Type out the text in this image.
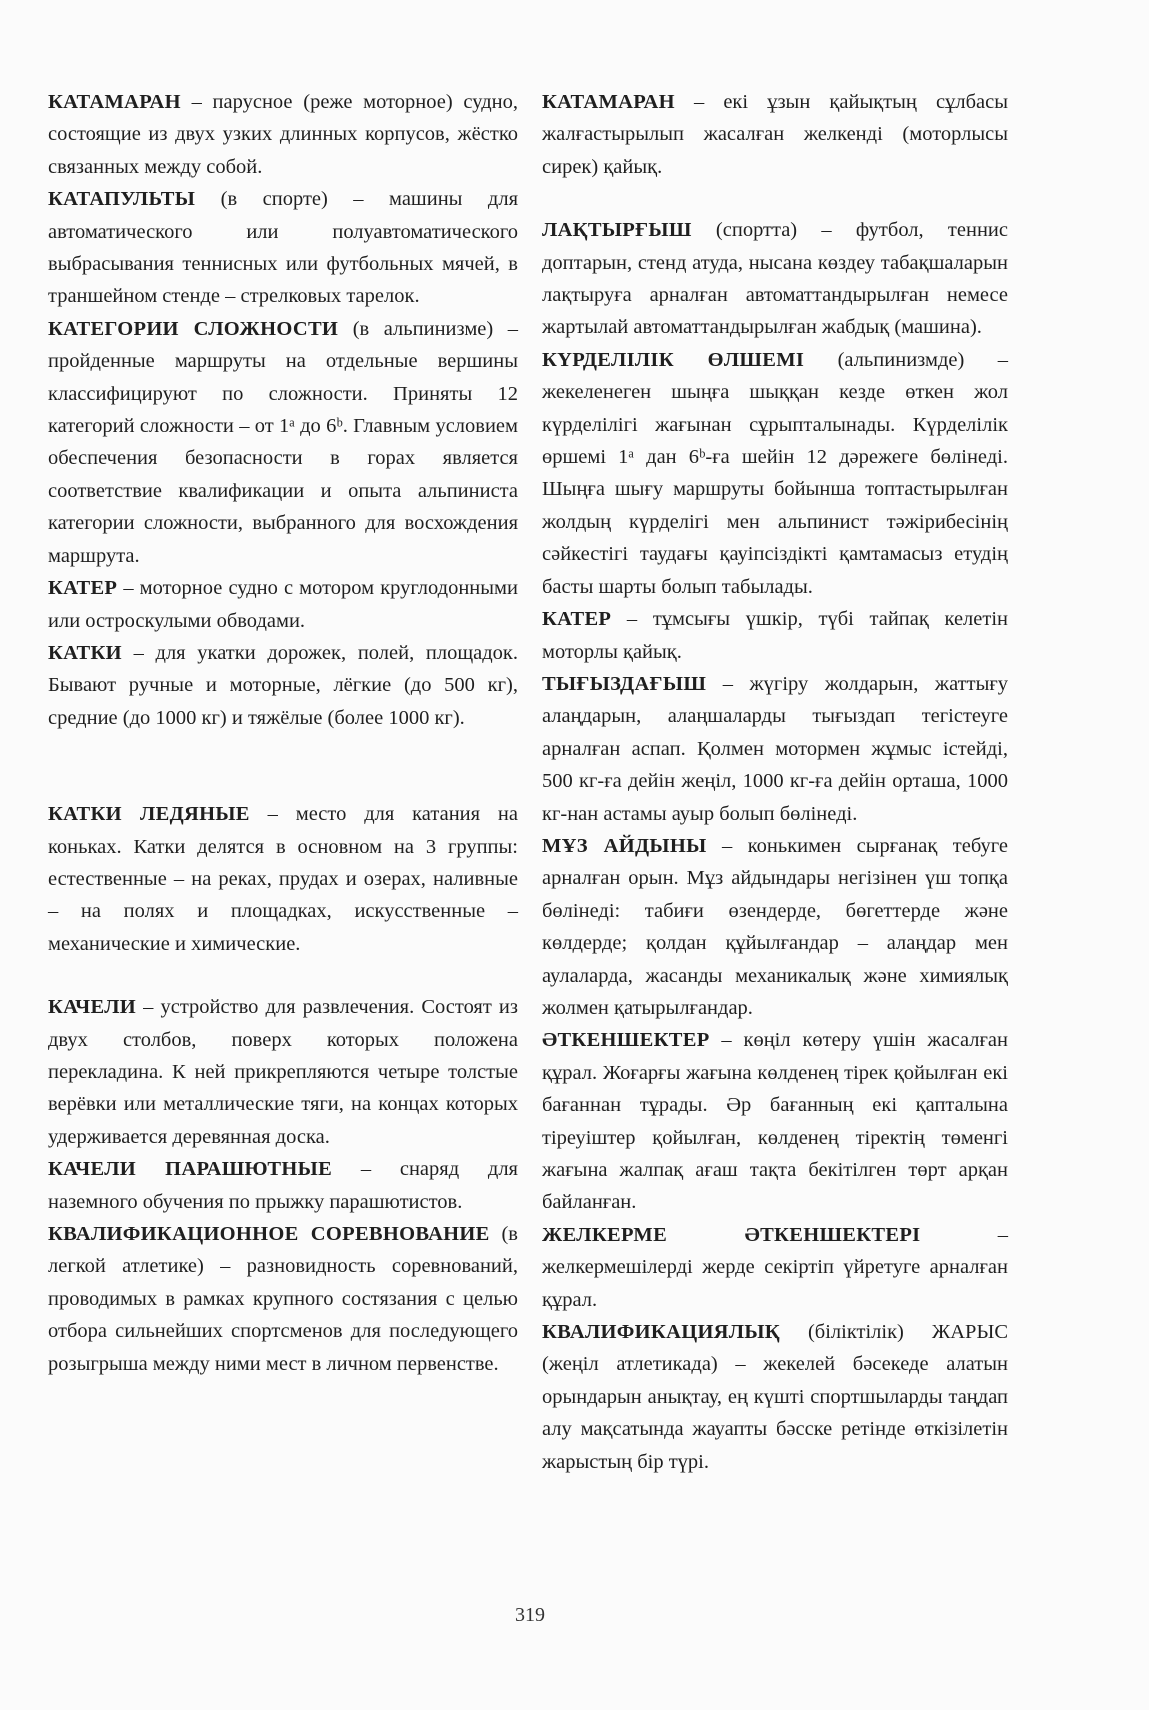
КАТАМАРАН – парусное (реже моторное) судно, состоящие из двух узких длинных корпусов, жёстко связанных между собой.

КАТАПУЛЬТЫ (в спорте) – машины для автоматического или полуавтоматического выбрасывания теннисных или футбольных мячей, в траншейном стенде – стрелковых тарелок.

КАТЕГОРИИ СЛОЖНОСТИ (в альпинизме) – пройденные маршруты на отдельные вершины классифицируют по сложности. Приняты 12 категорий сложности – от 1ᵃ до 6ᵇ. Главным условием обеспечения безопасности в горах является соответствие квалификации и опыта альпиниста категории сложности, выбранного для восхождения маршрута.

КАТЕР – моторное судно с мотором круглодонными или остроскулыми обводами.

КАТКИ – для укатки дорожек, полей, площадок. Бывают ручные и моторные, лёгкие (до 500 кг), средние (до 1000 кг) и тяжёлые (более 1000 кг).

КАТКИ ЛЕДЯНЫЕ – место для катания на коньках. Катки делятся в основном на 3 группы: естественные – на реках, прудах и озерах, наливные – на полях и площадках, искусственные – механические и химические.

КАЧЕЛИ – устройство для развлечения. Состоят из двух столбов, поверх которых положена перекладина. К ней прикрепляются четыре толстые верёвки или металлические тяги, на концах которых удерживается деревянная доска.

КАЧЕЛИ ПАРАШЮТНЫЕ – снаряд для наземного обучения по прыжку парашютистов.

КВАЛИФИКАЦИОННОЕ СОРЕВНОВАНИЕ (в легкой атлетике) – разновидность соревнований, проводимых в рамках крупного состязания с целью отбора сильнейших спортсменов для последующего розыгрыша между ними мест в личном первенстве.

КАТАМАРАН – екі ұзын қайықтың сұлбасы жалғастырылып жасалған желкенді (моторлысы сирек) қайық.

ЛАҚТЫРҒЫШ (спортта) – футбол, теннис доптарын, стенд атуда, нысана көздеу табақшаларын лақтыруға арналған автоматтандырылған немесе жартылай автоматтандырылған жабдық (машина).

КҮРДЕЛІЛІК ӨЛШЕМІ (альпинизмде) – жекеленеген шыңға шыққан кезде өткен жол күрделілігі жағынан сұрыпталынады. Күрделілік өршемі 1ᵃ дан 6ᵇ-ға шейін 12 дәрежеге бөлінеді. Шыңға шығу маршруты бойынша топтастырылған жолдың күрделігі мен альпинист тәжірибесінің сәйкестігі таудағы қауіпсіздікті қамтамасыз етудің басты шарты болып табылады.

КАТЕР – тұмсығы үшкір, түбі тайпақ келетін моторлы қайық.

ТЫҒЫЗДАҒЫШ – жүгіру жолдарын, жаттығу алаңдарын, алаңшаларды тығыздап тегістеуге арналған аспап. Қолмен мотормен жұмыс істейді, 500 кг-ға дейін жеңіл, 1000 кг-ға дейін орташа, 1000 кг-нан астамы ауыр болып бөлінеді.

МҰЗ АЙДЫНЫ – конькимен сырғанақ тебуге арналған орын. Мұз айдындары негізінен үш топқа бөлінеді: табиғи өзендерде, бөгеттерде және көлдерде; қолдан құйылғандар – алаңдар мен аулаларда, жасанды механикалық және химиялық жолмен қатырылғандар.

ӘТКЕНШЕКТЕР – көңіл көтеру үшін жасалған құрал. Жоғарғы жағына көлденең тірек қойылған екі бағаннан тұрады. Әр бағанның екі қапталына тіреуіштер қойылған, көлденең тіректің төменгі жағына жалпақ ағаш тақта бекітілген төрт арқан байланған.

ЖЕЛКЕРМЕ ӘТКЕНШЕКТЕРІ – желкермешілерді жерде секіртіп үйретуге арналған құрал.

КВАЛИФИКАЦИЯЛЫҚ (біліктілік) ЖАРЫС (жеңіл атлетикада) – жекелей бәсекеде алатын орындарын анықтау, ең күшті спортшыларды таңдап алу мақсатында жауапты бәсске ретінде өткізілетін жарыстың бір түрі.

319
